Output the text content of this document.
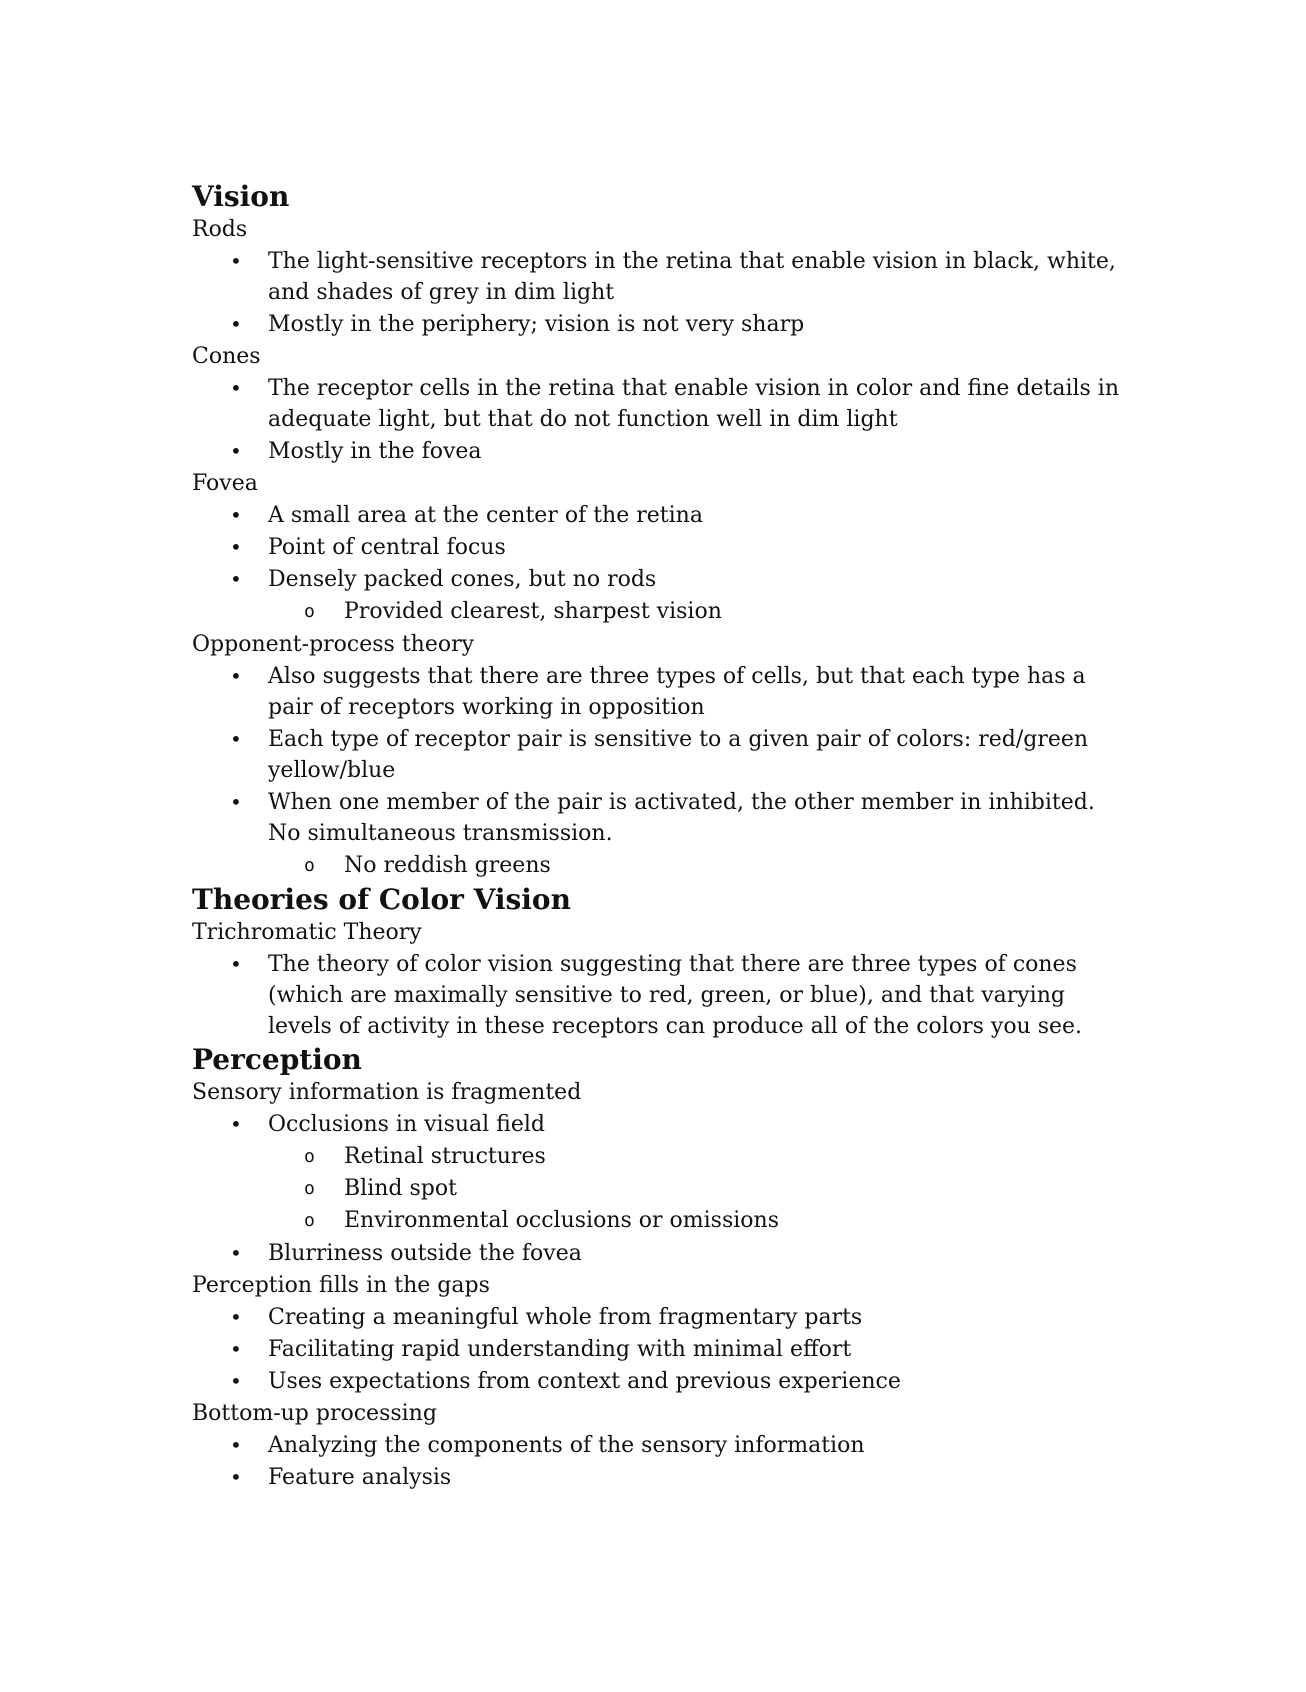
Vision

Rods

• The light-sensitive receptors in the retina that enable vision in black, white, and shades of grey in dim light
• Mostly in the periphery; vision is not very sharp

Cones

• The receptor cells in the retina that enable vision in color and fine details in adequate light, but that do not function well in dim light
• Mostly in the fovea

Fovea

• A small area at the center of the retina
• Point of central focus
• Densely packed cones, but no rods
o Provided clearest, sharpest vision

Opponent-process theory

• Also suggests that there are three types of cells, but that each type has a pair of receptors working in opposition
• Each type of receptor pair is sensitive to a given pair of colors: red/green yellow/blue
• When one member of the pair is activated, the other member in inhibited. No simultaneous transmission.
o No reddish greens
Theories of Color Vision

Trichromatic Theory

• The theory of color vision suggesting that there are three types of cones (which are maximally sensitive to red, green, or blue), and that varying levels of activity in these receptors can produce all of the colors you see.
Perception

Sensory information is fragmented

• Occlusions in visual field
o Retinal structures
o Blind spot
o Environmental occlusions or omissions
• Blurriness outside the fovea

Perception fills in the gaps

• Creating a meaningful whole from fragmentary parts
• Facilitating rapid understanding with minimal effort
• Uses expectations from context and previous experience

Bottom-up processing

• Analyzing the components of the sensory information
• Feature analysis
